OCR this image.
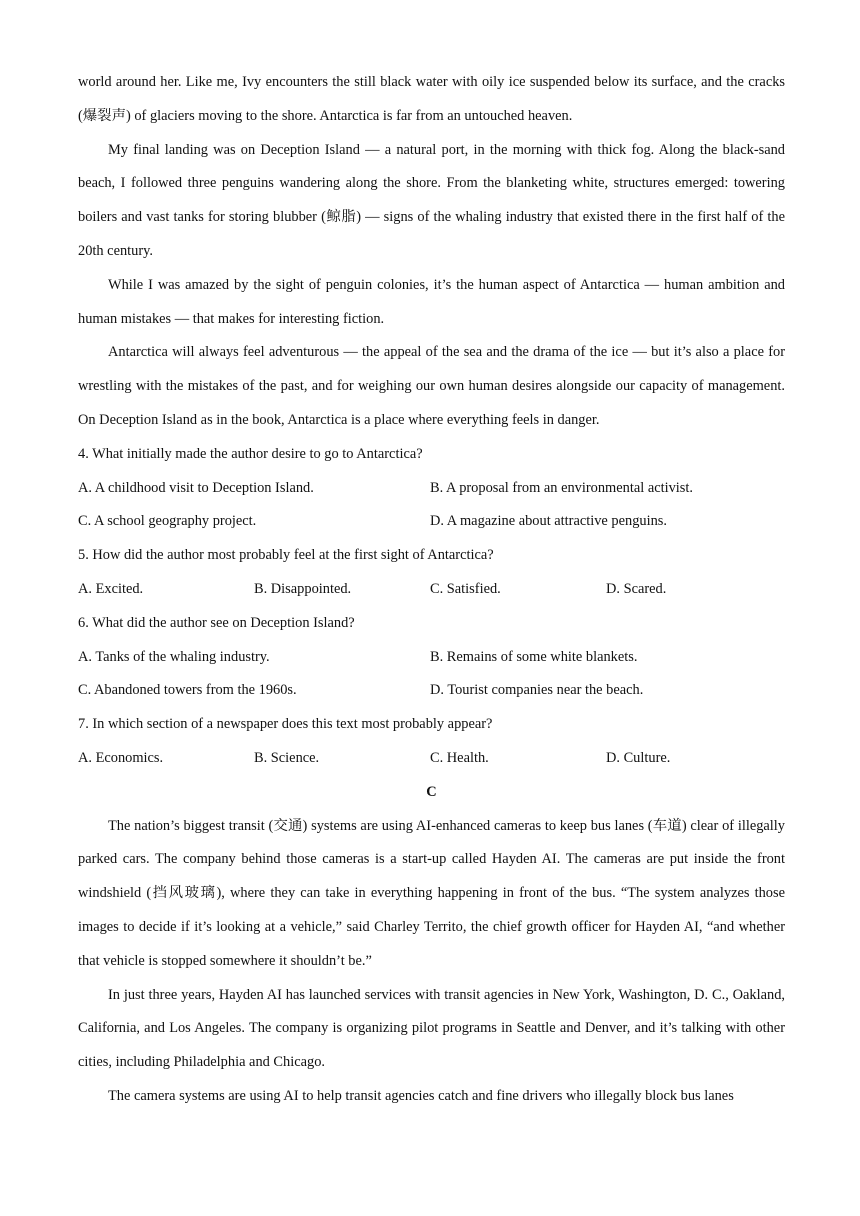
world around her. Like me, Ivy encounters the still black water with oily ice suspended below its surface, and the cracks (爆裂声) of glaciers moving to the shore. Antarctica is far from an untouched heaven.

My final landing was on Deception Island — a natural port, in the morning with thick fog. Along the black-sand beach, I followed three penguins wandering along the shore. From the blanketing white, structures emerged: towering boilers and vast tanks for storing blubber (鲸脂) — signs of the whaling industry that existed there in the first half of the 20th century.

While I was amazed by the sight of penguin colonies, it’s the human aspect of Antarctica — human ambition and human mistakes — that makes for interesting fiction.

Antarctica will always feel adventurous — the appeal of the sea and the drama of the ice — but it’s also a place for wrestling with the mistakes of the past, and for weighing our own human desires alongside our capacity of management. On Deception Island as in the book, Antarctica is a place where everything feels in danger.

4. What initially made the author desire to go to Antarctica?
A. A childhood visit to Deception Island.	B. A proposal from an environmental activist.
C. A school geography project.	D. A magazine about attractive penguins.
5. How did the author most probably feel at the first sight of Antarctica?
A. Excited.	B. Disappointed.	C. Satisfied.	D. Scared.
6. What did the author see on Deception Island?
A. Tanks of the whaling industry.	B. Remains of some white blankets.
C. Abandoned towers from the 1960s.	D. Tourist companies near the beach.
7. In which section of a newspaper does this text most probably appear?
A. Economics.	B. Science.	C. Health.	D. Culture.
C

The nation’s biggest transit (交通) systems are using AI-enhanced cameras to keep bus lanes (车道) clear of illegally parked cars. The company behind those cameras is a start-up called Hayden AI. The cameras are put inside the front windshield (挡风玻璃), where they can take in everything happening in front of the bus. “The system analyzes those images to decide if it’s looking at a vehicle,” said Charley Territo, the chief growth officer for Hayden AI, “and whether that vehicle is stopped somewhere it shouldn’t be.”

In just three years, Hayden AI has launched services with transit agencies in New York, Washington, D. C., Oakland, California, and Los Angeles. The company is organizing pilot programs in Seattle and Denver, and it’s talking with other cities, including Philadelphia and Chicago.

The camera systems are using AI to help transit agencies catch and fine drivers who illegally block bus lanes
